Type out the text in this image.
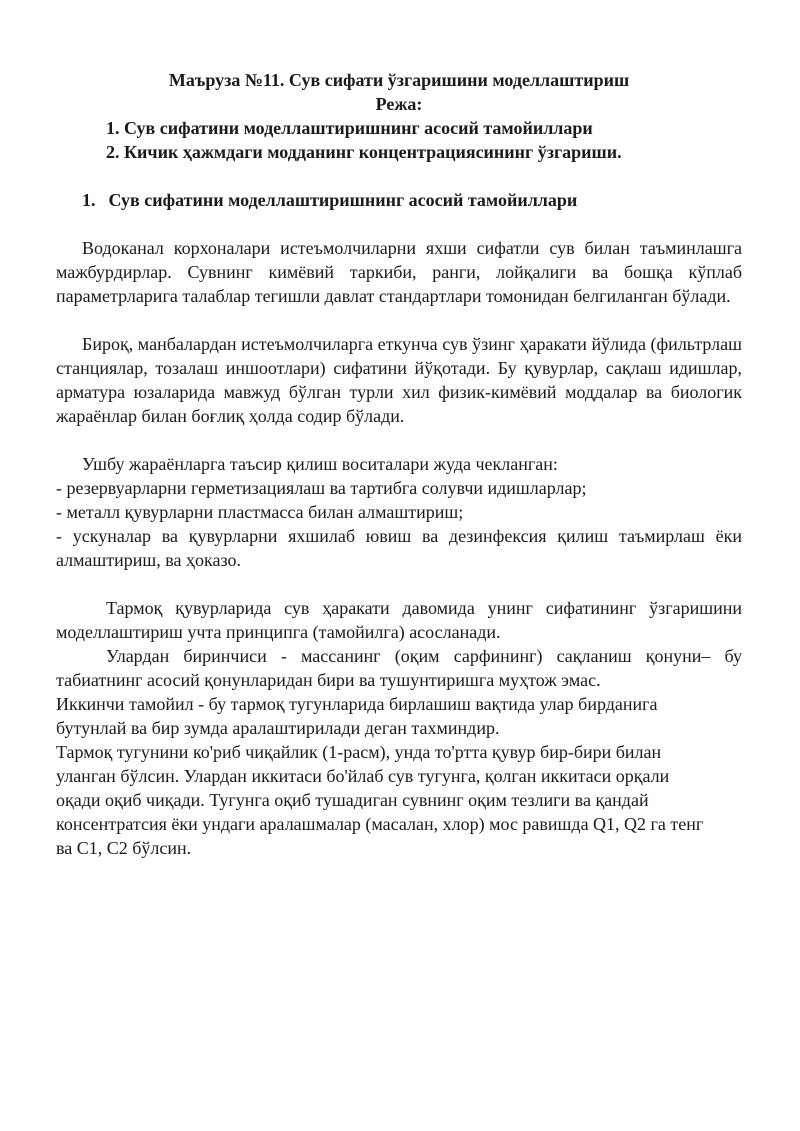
Маъруза №11. Сув сифати ўзгаришини моделлаштириш

Режа:

1. Сув сифатини моделлаштиришнинг асосий тамойиллари

2. Кичик ҳажмдаги модданинг концентрациясининг ўзгариши.

1. Сув сифатини моделлаштиришнинг асосий тамойиллари

Водоканал корхоналари истеъмолчиларни яхши сифатли сув билан таъминлашга мажбурдирлар. Сувнинг кимёвий таркиби, ранги, лойқалиги ва бошқа кўплаб параметрларига талаблар тегишли давлат стандартлари томонидан белгиланган бўлади.

Бироқ, манбалардан истеъмолчиларга еткунча сув ўзинг ҳаракати йўлида (фильтрлаш станциялар, тозалаш иншоотлари) сифатини йўқотади. Бу қувурлар, сақлаш идишлар, арматура юзаларида мавжуд бўлган турли хил физик-кимёвий моддалар ва биологик жараёнлар билан боғлиқ ҳолда содир бўлади.

Ушбу жараёнларга таъсир қилиш воситалари жуда чекланган:

- резервуарларни герметизациялаш ва тартибга солувчи идишларлар;

- металл қувурларни пластмасса билан алмаштириш;

- ускуналар ва қувурларни яхшилаб ювиш ва дезинфексия қилиш таъмирлаш ёки алмаштириш, ва ҳоказо.

Тармоқ қувурларида сув ҳаракати давомида унинг сифатининг ўзгаришини моделлаштириш учта принципга (тамойилга) асосланади.

Улардан биринчиси - массанинг (оқим сарфининг) сақланиш қонуни– бу табиатнинг асосий қонунларидан бири ва тушунтиришга муҳтож эмас.

Иккинчи тамойил - бу тармоқ тугунларида бирлашиш вақтида улар бирданига

бутунлай ва бир зумда аралаштирилади деган тахминдир.

Тармоқ тугунини ко'риб чиқайлик (1-расм), унда то'ртта қувур бир-бири билан

уланган бўлсин. Улардан иккитаси бо'йлаб сув тугунга, қолган иккитаси орқали

оқади оқиб чиқади. Тугунга оқиб тушадиган сувнинг оқим тезлиги ва қандай

консентратсия ёки ундаги аралашмалар (масалан, хлор) мос равишда Q1, Q2 га тенг

ва C1, C2 бўлсин.
